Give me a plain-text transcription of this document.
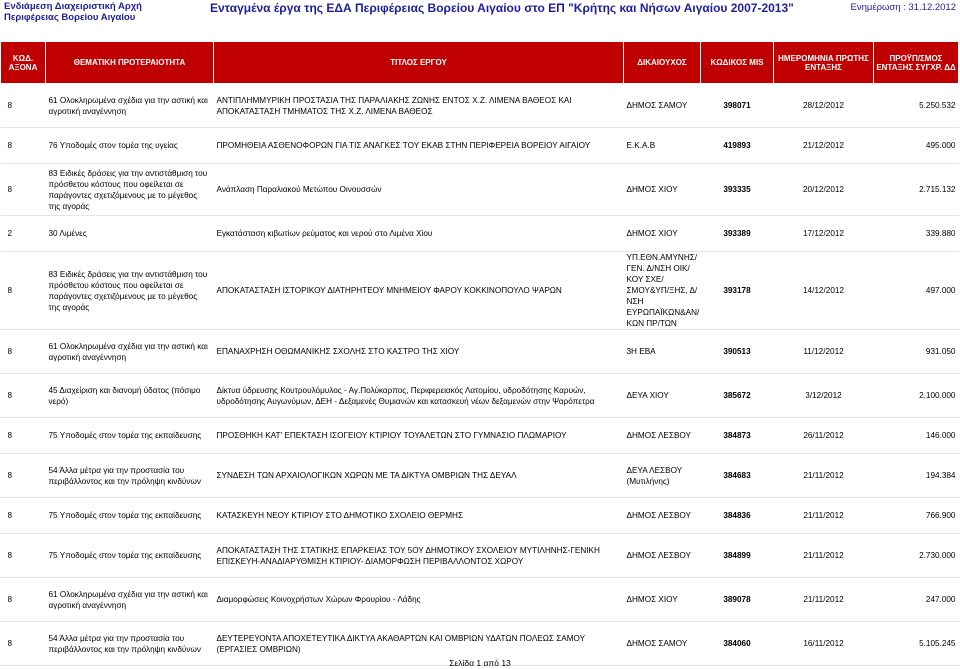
Ενδιάμεση Διαχειριστική Αρχή
Περιφέρειας Βορείου Αιγαίου
Ενταγμένα έργα της ΕΔΑ Περιφέρειας Βορείου Αιγαίου στο ΕΠ "Κρήτης και Νήσων Αιγαίου 2007-2013"	Ενημέρωση : 31.12.2012
ΚΩΔ. ΑΞΟΝΑ	ΘΕΜΑΤΙΚΗ ΠΡΟΤΕΡΑΙΟΤΗΤΑ	ΤΙΤΛΟΣ ΕΡΓΟΥ	ΔΙΚΑΙΟΥΧΟΣ	ΚΩΔΙΚΟΣ MIS	ΗΜΕΡΟΜΗΝΙΑ ΠΡΩΤΗΣ ΕΝΤΑΞΗΣ	ΠΡΟΫΠ/ΣΜΟΣ ΕΝΤΑΞΗΣ ΣΥΓΧΡ. ΔΔ
8	61 Ολοκληρωμένα σχέδια για την αστική και αγροτική αναγέννηση	ΑΝΤΙΠΛΗΜΜΥΡΙΚΗ ΠΡΟΣΤΑΣΙΑ ΤΗΣ ΠΑΡΑΛΙΑΚΗΣ ΖΩΝΗΣ ΕΝΤΟΣ Χ.Ζ. ΛΙΜΕΝΑ ΒΑΘΕΟΣ ΚΑΙ ΑΠΟΚΑΤΑΣΤΑΣΗ ΤΜΗΜΑΤΟΣ ΤΗΣ Χ.Ζ. ΛΙΜΕΝΑ ΒΑΘΕΟΣ	ΔΗΜΟΣ ΣΑΜΟΥ	398071	28/12/2012	5.250.532
8	76 Υποδομές στον τομέα της υγείας	ΠΡΟΜΗΘΕΙΑ ΑΣΘΕΝΟΦΟΡΩΝ ΓΙΑ ΤΙΣ ΑΝΑΓΚΕΣ ΤΟΥ ΕΚΑΒ ΣΤΗΝ ΠΕΡΙΦΕΡΕΙΑ ΒΟΡΕΙΟΥ ΑΙΓΑΙΟΥ	Ε.Κ.Α.Β	419893	21/12/2012	495.000
8	83 Ειδικές δράσεις για την αντιστάθμιση του πρόσθετου κόστους που οφείλεται σε παράγοντες σχετιζόμενους με το μέγεθος της αγοράς	Ανάπλαση Παραλιακού Μετώπου Οινουσσών	ΔΗΜΟΣ ΧΙΟΥ	393335	20/12/2012	2.715.132
2	30 Λιμένες	Εγκατάσταση κιβωτίων ρεύματος και νερού στο Λιμένα Χίου	ΔΗΜΟΣ ΧΙΟΥ	393389	17/12/2012	339.880
8	83 Ειδικές δράσεις για την αντιστάθμιση του πρόσθετου κόστους που οφείλεται σε παράγοντες σχετιζόμενους με το μέγεθος της αγοράς	ΑΠΟΚΑΤΑΣΤΑΣΗ ΙΣΤΟΡΙΚΟΥ ΔΙΑΤΗΡΗΤΕΟΥ ΜΝΗΜΕΙΟΥ ΦΑΡΟΥ ΚΟΚΚΙΝΟΠΟΥΛΟ ΨΑΡΩΝ	ΥΠ.ΕΘΝ.ΑΜΥΝΗΣ/ΓΕΝ. Δ/ΝΣΗ ΟΙΚ/ΚΟΥ ΣΧΕ/ΣΜΟΥ&ΥΠ/ΞΗΣ, Δ/ΝΣΗ ΕΥΡΩΠΑΪΚΩΝ&ΑΝ/ΚΩΝ ΠΡ/ΤΩΝ	393178	14/12/2012	497.000
8	61 Ολοκληρωμένα σχέδια για την αστική και αγροτική αναγέννηση	ΕΠΑΝΑΧΡΗΣΗ ΟΘΩΜΑΝΙΚΗΣ ΣΧΟΛΗΣ ΣΤΟ ΚΑΣΤΡΟ ΤΗΣ ΧΙΟΥ	3Η ΕΒΑ	390513	11/12/2012	931.050
8	45 Διαχείριση και διανομή ύδατος (πόσιμο νερό)	Δίκτυα ύδρευσης Κουτρουλόμυλος - Αγ.Πολύκαρπος, Περιφερειακός Λατομίου, υδροδότησης Καρυών, υδροδότησης Αυγωνύμων, ΔΕΗ - Δεξαμενές Θυμιανών και κατασκευή νέων δεξαμενών στην Ψαρόπετρα	ΔΕΥΑ ΧΙΟΥ	385672	3/12/2012	2.100.000
8	75 Υποδομές στον τομέα της εκπαίδευσης	ΠΡΟΣΘΗΚΗ ΚΑΤ' ΕΠΕΚΤΑΣΗ ΙΣΟΓΕΙΟΥ ΚΤΙΡΙΟΥ ΤΟΥΑΛΕΤΩΝ ΣΤΟ ΓΥΜΝΑΣΙΟ ΠΛΩΜΑΡΙΟΥ	ΔΗΜΟΣ ΛΕΣΒΟΥ	384873	26/11/2012	146.000
8	54 Άλλα μέτρα για την προστασία του περιβάλλοντος και την πρόληψη κινδύνων	ΣΥΝΔΕΣΗ ΤΩΝ ΑΡΧΑΙΟΛΟΓΙΚΩΝ ΧΩΡΩΝ ΜΕ ΤΑ ΔΙΚΤΥΑ ΟΜΒΡΙΩΝ ΤΗΣ ΔΕΥΑΛ	ΔΕΥΑ ΛΕΣΒΟΥ (Μυτιλήνης)	384683	21/11/2012	194.384
8	75 Υποδομές στον τομέα της εκπαίδευσης	ΚΑΤΑΣΚΕΥΗ ΝΕΟΥ ΚΤΙΡΙΟΥ ΣΤΟ ΔΗΜΟΤΙΚΟ ΣΧΟΛΕΙΟ ΘΕΡΜΗΣ	ΔΗΜΟΣ ΛΕΣΒΟΥ	384836	21/11/2012	766.900
8	75 Υποδομές στον τομέα της εκπαίδευσης	ΑΠΟΚΑΤΑΣΤΑΣΗ ΤΗΣ ΣΤΑΤΙΚΗΣ ΕΠΑΡΚΕΙΑΣ ΤΟΥ 5ΟΥ ΔΗΜΟΤΙΚΟΥ ΣΧΟΛΕΙΟΥ ΜΥΤΙΛΗΝΗΣ-ΓΕΝΙΚΗ ΕΠΙΣΚΕΥΗ-ΑΝΑΔΙΑΡΥΘΜΙΣΗ ΚΤΙΡΙΟΥ- ΔΙΑΜΟΡΦΩΣΗ ΠΕΡΙΒΑΛΛΟΝΤΟΣ ΧΩΡΟΥ	ΔΗΜΟΣ ΛΕΣΒΟΥ	384899	21/11/2012	2.730.000
8	61 Ολοκληρωμένα σχέδια για την αστική και αγροτική αναγέννηση	Διαμορφώσεις Κοινοχρήστων Χώρων Φρουρίου - Λάδης	ΔΗΜΟΣ ΧΙΟΥ	389078	21/11/2012	247.000
8	54 Άλλα μέτρα για την προστασία του περιβάλλοντος και την πρόληψη κινδύνων	ΔΕΥΤΕΡΕΥΟΝΤΑ ΑΠΟΧΕΤΕΥΤΙΚΑ ΔΙΚΤΥΑ ΑΚΑΘΑΡΤΩΝ ΚΑΙ ΟΜΒΡΙΩΝ ΥΔΑΤΩΝ ΠΟΛΕΩΣ ΣΑΜΟΥ (ΕΡΓΑΣΙΕΣ ΟΜΒΡΙΩΝ)	ΔΗΜΟΣ ΣΑΜΟΥ	384060	16/11/2012	5.105.245
Σελίδα 1 από 13
